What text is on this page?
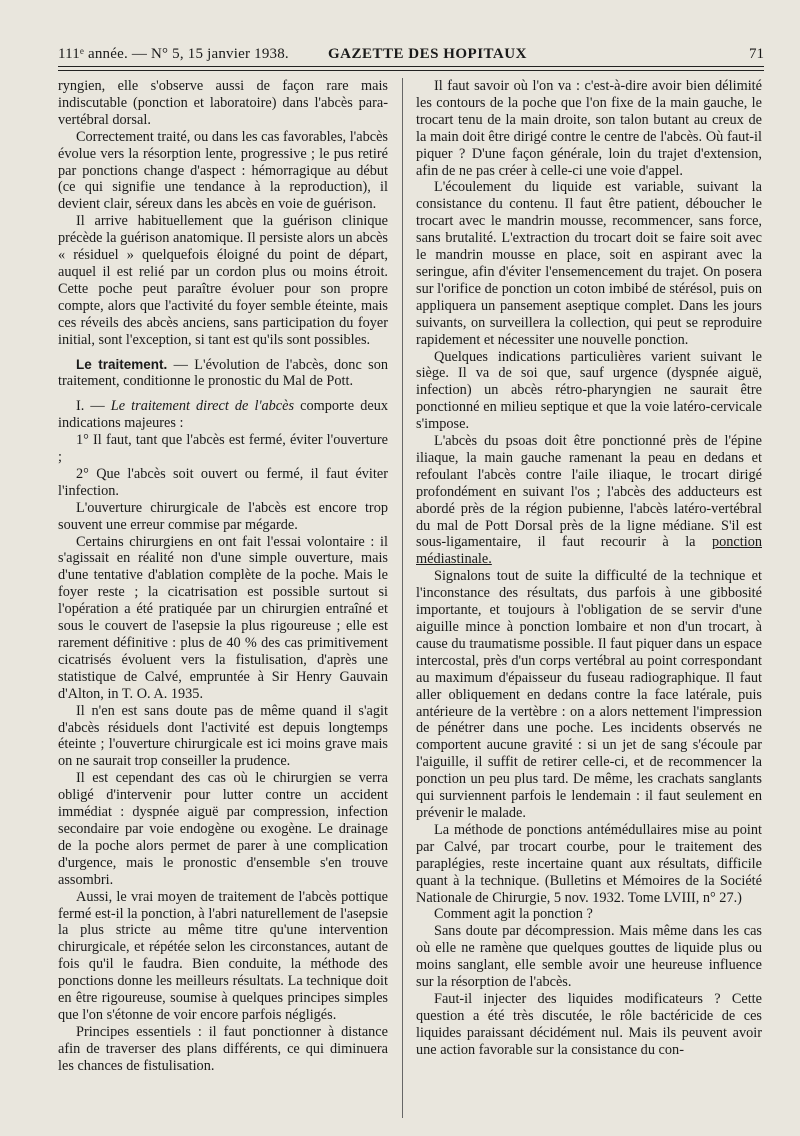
111ᵉ année. — N° 5, 15 janvier 1938.	GAZETTE DES HOPITAUX	71

ryngien, elle s'observe aussi de façon rare mais indiscutable (ponction et laboratoire) dans l'abcès para-vertébral dorsal.

Correctement traité, ou dans les cas favorables, l'abcès évolue vers la résorption lente, progressive ; le pus retiré par ponctions change d'aspect : hémorragique au début (ce qui signifie une tendance à la reproduction), il devient clair, séreux dans les abcès en voie de guérison.

Il arrive habituellement que la guérison clinique précède la guérison anatomique. Il persiste alors un abcès « résiduel » quelquefois éloigné du point de départ, auquel il est relié par un cordon plus ou moins étroit. Cette poche peut paraître évoluer pour son propre compte, alors que l'activité du foyer semble éteinte, mais ces réveils des abcès anciens, sans participation du foyer initial, sont l'exception, si tant est qu'ils sont possibles.

Le traitement. — L'évolution de l'abcès, donc son traitement, conditionne le pronostic du Mal de Pott.

I. — Le traitement direct de l'abcès comporte deux indications majeures :

1° Il faut, tant que l'abcès est fermé, éviter l'ouverture ;

2° Que l'abcès soit ouvert ou fermé, il faut éviter l'infection.

L'ouverture chirurgicale de l'abcès est encore trop souvent une erreur commise par mégarde.

Certains chirurgiens en ont fait l'essai volontaire : il s'agissait en réalité non d'une simple ouverture, mais d'une tentative d'ablation complète de la poche. Mais le foyer reste ; la cicatrisation est possible surtout si l'opération a été pratiquée par un chirurgien entraîné et sous le couvert de l'asepsie la plus rigoureuse ; elle est rarement définitive : plus de 40 % des cas primitivement cicatrisés évoluent vers la fistulisation, d'après une statistique de Calvé, empruntée à Sir Henry Gauvain d'Alton, in T. O. A. 1935.

Il n'en est sans doute pas de même quand il s'agit d'abcès résiduels dont l'activité est depuis longtemps éteinte ; l'ouverture chirurgicale est ici moins grave mais on ne saurait trop conseiller la prudence.

Il est cependant des cas où le chirurgien se verra obligé d'intervenir pour lutter contre un accident immédiat : dyspnée aiguë par compression, infection secondaire par voie endogène ou exogène. Le drainage de la poche alors permet de parer à une complication d'urgence, mais le pronostic d'ensemble s'en trouve assombri.

Aussi, le vrai moyen de traitement de l'abcès pottique fermé est-il la ponction, à l'abri naturellement de l'asepsie la plus stricte au même titre qu'une intervention chirurgicale, et répétée selon les circonstances, autant de fois qu'il le faudra. Bien conduite, la méthode des ponctions donne les meilleurs résultats. La technique doit en être rigoureuse, soumise à quelques principes simples que l'on s'étonne de voir encore parfois négligés.

Principes essentiels : il faut ponctionner à distance afin de traverser des plans différents, ce qui diminuera les chances de fistulisation.

Il faut savoir où l'on va : c'est-à-dire avoir bien délimité les contours de la poche que l'on fixe de la main gauche, le trocart tenu de la main droite, son talon butant au creux de la main doit être dirigé contre le centre de l'abcès. Où faut-il piquer ? D'une façon générale, loin du trajet d'extension, afin de ne pas créer à celle-ci une voie d'appel.

L'écoulement du liquide est variable, suivant la consistance du contenu. Il faut être patient, déboucher le trocart avec le mandrin mousse, recommencer, sans force, sans brutalité. L'extraction du trocart doit se faire soit avec le mandrin mousse en place, soit en aspirant avec la seringue, afin d'éviter l'ensemencement du trajet. On posera sur l'orifice de ponction un coton imbibé de stérésol, puis on appliquera un pansement aseptique complet. Dans les jours suivants, on surveillera la collection, qui peut se reproduire rapidement et nécessiter une nouvelle ponction.

Quelques indications particulières varient suivant le siège. Il va de soi que, sauf urgence (dyspnée aiguë, infection) un abcès rétro-pharyngien ne saurait être ponctionné en milieu septique et que la voie latéro-cervicale s'impose.

L'abcès du psoas doit être ponctionné près de l'épine iliaque, la main gauche ramenant la peau en dedans et refoulant l'abcès contre l'aile iliaque, le trocart dirigé profondément en suivant l'os ; l'abcès des adducteurs est abordé près de la région pubienne, l'abcès latéro-vertébral du mal de Pott Dorsal près de la ligne médiane. S'il est sous-ligamentaire, il faut recourir à la ponction médiastinale.

Signalons tout de suite la difficulté de la technique et l'inconstance des résultats, dus parfois à une gibbosité importante, et toujours à l'obligation de se servir d'une aiguille mince à ponction lombaire et non d'un trocart, à cause du traumatisme possible. Il faut piquer dans un espace intercostal, près d'un corps vertébral au point correspondant au maximum d'épaisseur du fuseau radiographique. Il faut aller obliquement en dedans contre la face latérale, puis antérieure de la vertèbre : on a alors nettement l'impression de pénétrer dans une poche. Les incidents observés ne comportent aucune gravité : si un jet de sang s'écoule par l'aiguille, il suffit de retirer celle-ci, et de recommencer la ponction un peu plus tard. De même, les crachats sanglants qui surviennent parfois le lendemain : il faut seulement en prévenir le malade.

La méthode de ponctions antémédullaires mise au point par Calvé, par trocart courbe, pour le traitement des paraplégies, reste incertaine quant aux résultats, difficile quant à la technique. (Bulletins et Mémoires de la Société Nationale de Chirurgie, 5 nov. 1932. Tome LVIII, n° 27.)

Comment agit la ponction ?

Sans doute par décompression. Mais même dans les cas où elle ne ramène que quelques gouttes de liquide plus ou moins sanglant, elle semble avoir une heureuse influence sur la résorption de l'abcès.

Faut-il injecter des liquides modificateurs ? Cette question a été très discutée, le rôle bactéricide de ces liquides paraissant décidément nul. Mais ils peuvent avoir une action favorable sur la consistance du con-
